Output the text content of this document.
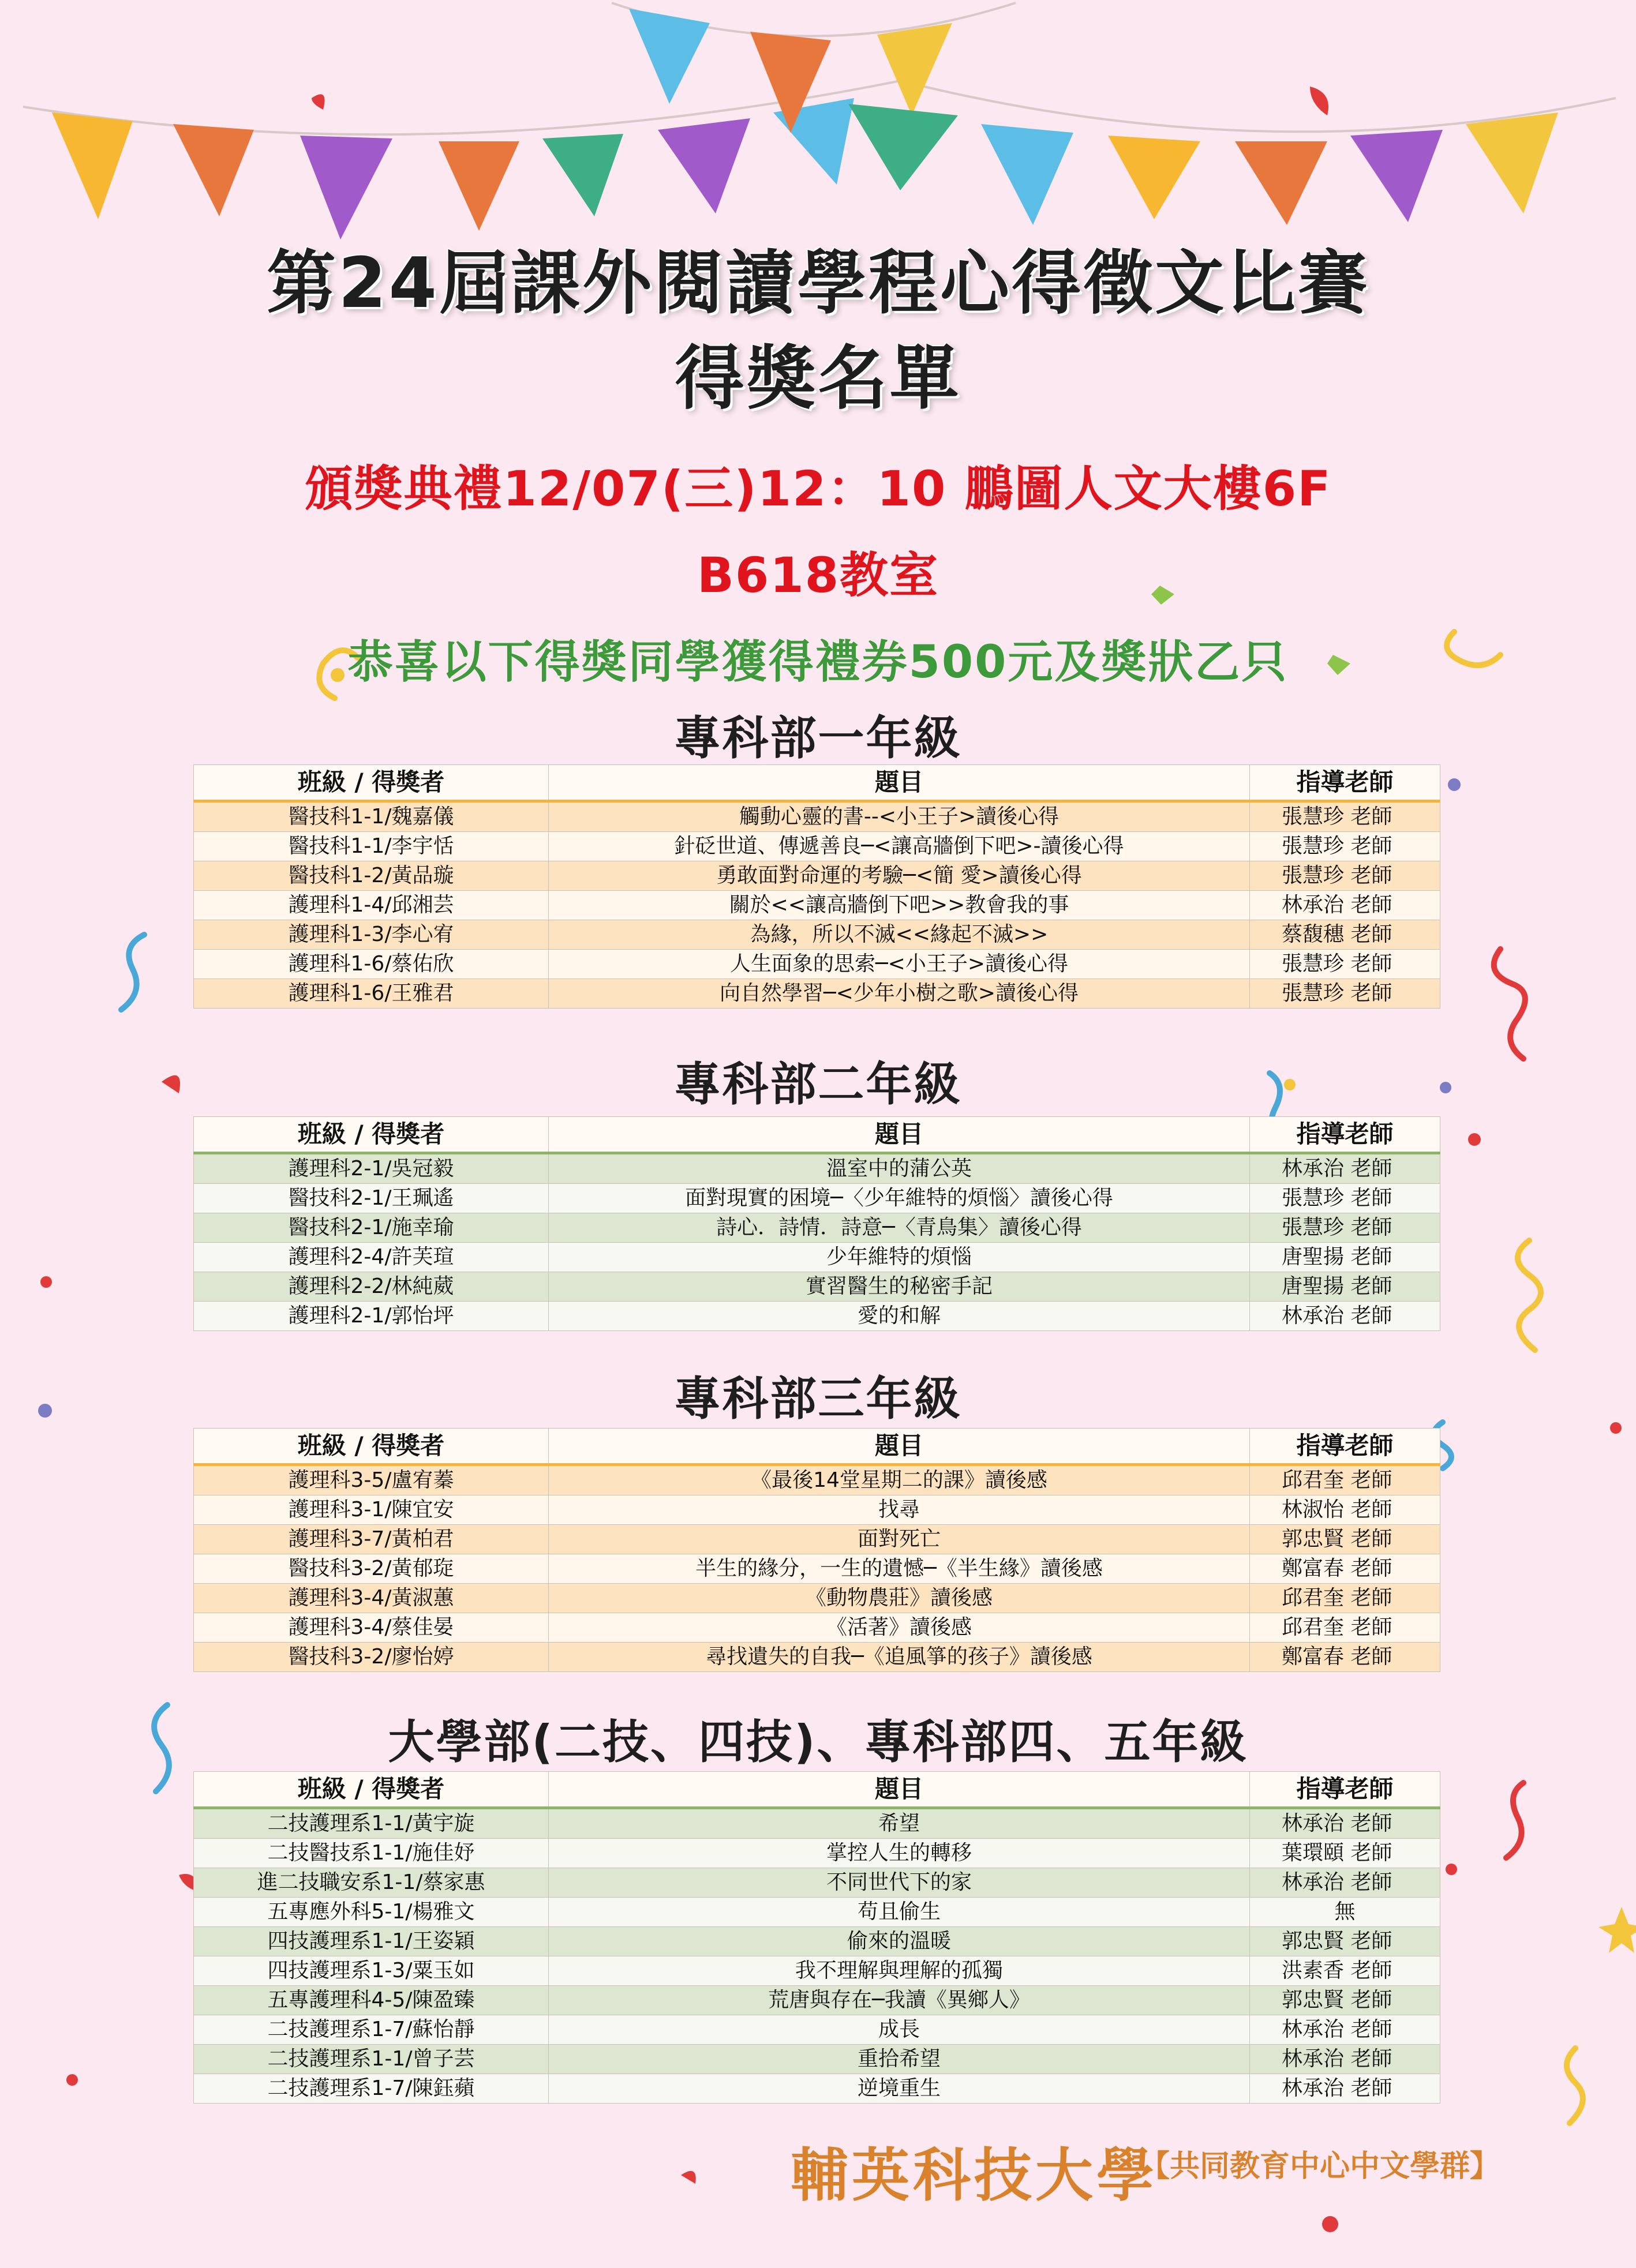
第24屆課外閱讀學程心得徵文比賽
得獎名單
頒獎典禮12/07(三)12：10 鵬圖人文大樓6F
B618教室
恭喜以下得獎同學獲得禮券500元及獎狀乙只
專科部一年級
班級 / 得獎者	題目	指導老師
醫技科1-1/魏嘉儀	觸動心靈的書--<小王子>讀後心得	張慧珍 老師
醫技科1-1/李宇恬	針砭世道、傳遞善良─<讓高牆倒下吧>-讀後心得	張慧珍 老師
醫技科1-2/黃品璇	勇敢面對命運的考驗─<簡 愛>讀後心得	張慧珍 老師
護理科1-4/邱湘芸	關於<<讓高牆倒下吧>>教會我的事	林承治 老師
護理科1-3/李心宥	為緣，所以不滅<<緣起不滅>>	蔡馥穗 老師
護理科1-6/蔡佑欣	人生面象的思索─<小王子>讀後心得	張慧珍 老師
護理科1-6/王雅君	向自然學習─<少年小樹之歌>讀後心得	張慧珍 老師
專科部二年級
班級 / 得獎者	題目	指導老師
護理科2-1/吳冠毅	溫室中的蒲公英	林承治 老師
醫技科2-1/王珮遙	面對現實的困境─〈少年維特的煩惱〉讀後心得	張慧珍 老師
醫技科2-1/施幸瑜	詩心．詩情．詩意─〈青鳥集〉讀後心得	張慧珍 老師
護理科2-4/許芙瑄	少年維特的煩惱	唐聖揚 老師
護理科2-2/林純葳	實習醫生的秘密手記	唐聖揚 老師
護理科2-1/郭怡坪	愛的和解	林承治 老師
專科部三年級
班級 / 得獎者	題目	指導老師
護理科3-5/盧宥蓁	《最後14堂星期二的課》讀後感	邱君奎 老師
護理科3-1/陳宜安	找尋	林淑怡 老師
護理科3-7/黃柏君	面對死亡	郭忠賢 老師
醫技科3-2/黃郁琁	半生的緣分，一生的遺憾─《半生緣》讀後感	鄭富春 老師
護理科3-4/黃淑蕙	《動物農莊》讀後感	邱君奎 老師
護理科3-4/蔡佳晏	《活著》讀後感	邱君奎 老師
醫技科3-2/廖怡婷	尋找遺失的自我─《追風箏的孩子》讀後感	鄭富春 老師
大學部(二技、四技)、專科部四、五年級
班級 / 得獎者	題目	指導老師
二技護理系1-1/黃宇旋	希望	林承治 老師
二技醫技系1-1/施佳妤	掌控人生的轉移	葉環頤 老師
進二技職安系1-1/蔡家惠	不同世代下的家	林承治 老師
五專應外科5-1/楊雅文	苟且偷生	無
四技護理系1-1/王姿穎	偷來的溫暖	郭忠賢 老師
四技護理系1-3/粟玉如	我不理解與理解的孤獨	洪素香 老師
五專護理科4-5/陳盈臻	荒唐與存在─我讀《異鄉人》	郭忠賢 老師
二技護理系1-7/蘇怡靜	成長	林承治 老師
二技護理系1-1/曾子芸	重拾希望	林承治 老師
二技護理系1-7/陳鈺蘋	逆境重生	林承治 老師
輔英科技大學
【共同教育中心中文學群】
